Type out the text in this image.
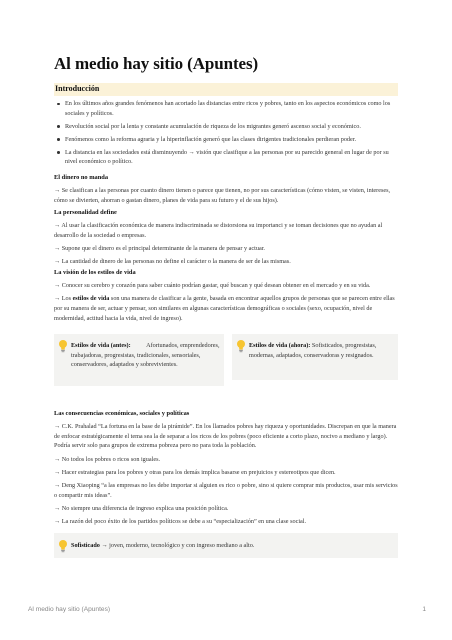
Al medio hay sitio (Apuntes)
Introducción
En los últimos años grandes fenómenos han acortado las distancias entre ricos y pobres, tanto en los aspectos económicos como los sociales y políticos.
Revolución social por la lenta y constante acumulación de riqueza de los migrantes generó ascenso social y económico.
Fenómenos como la reforma agraria y la hiperinflación generó que las clases dirigentes tradicionales perdieran poder.
La distancia en las sociedades está disminuyendo → visión que clasifique a las personas por su parecido general en lugar de por su nivel económico o político.
El dinero no manda

→ Se clasifican a las personas por cuanto dinero tienen o parece que tienen, no por sus características (cómo visten, se visten, intereses, cómo se divierten, ahorran o gastan dinero, planes de vida para su futuro y el de sus hijos).

La personalidad define

→ Al usar la clasificación económica de manera indiscriminada se distorsiona su importanci y se toman decisiones que no ayudan al desarrollo de la sociedad o empresas.

→ Supone que el dinero es el principal determinante de la manera de pensar y actuar.

→ La cantidad de dinero de las personas no define el carácter o la manera de ser de las mismas.

La visión de los estilos de vida

→ Conocer su cerebro y corazón para saber cuánto podrían gastar, qué buscan y qué desean obtener en el mercado y en su vida.

→ Los estilos de vida son una manera de clasificar a la gente, basada en encontrar aquellos grupos de personas que se parecen entre ellas por su manera de ser, actuar y pensar, son similares en algunas características demográficas o sociales (sexo, ocupación, nivel de modernidad, actitud hacia la vida, nivel de ingreso).

Estilos de vida (antes): Afortunados, emprendedores, trabajadoras, progresistas, tradicionales, sensoriales, conservadores, adaptados y sobrevivientes.
Estilos de vida (ahora): Sofisticados, progresistas, modernas, adaptados, conservadoras y resignados.
Las consecuencias económicas, sociales y políticas

→ C.K. Prahalad “La fortuna en la base de la pirámide”. En los llamados pobres hay riqueza y oportunidades. Discrepan en que la manera de enfocar estratégicamente el tema sea la de separar a los ricos de los pobres (poco eficiente a corto plazo, nocivo a mediano y largo). Podría servir solo para grupos de extrema pobreza pero no para toda la población.

→ No todos los pobres o ricos son iguales.

→ Hacer estrategias para los pobres y otras para los demás implica basarse en prejuicios y estereotipos que dicen.

→ Deng Xiaoping “a las empresas no les debe importar si alguien es rico o pobre, sino si quiere comprar mis productos, usar mis servicios o compartir mis ideas”.

→ No siempre una diferencia de ingreso explica una posición política.

→ La razón del poco éxito de los partidos políticos se debe a su “especialización” en una clase social.

Sofisticado → joven, moderno, tecnológico y con ingreso mediano a alto.
Al medio hay sitio (Apuntes)	1
